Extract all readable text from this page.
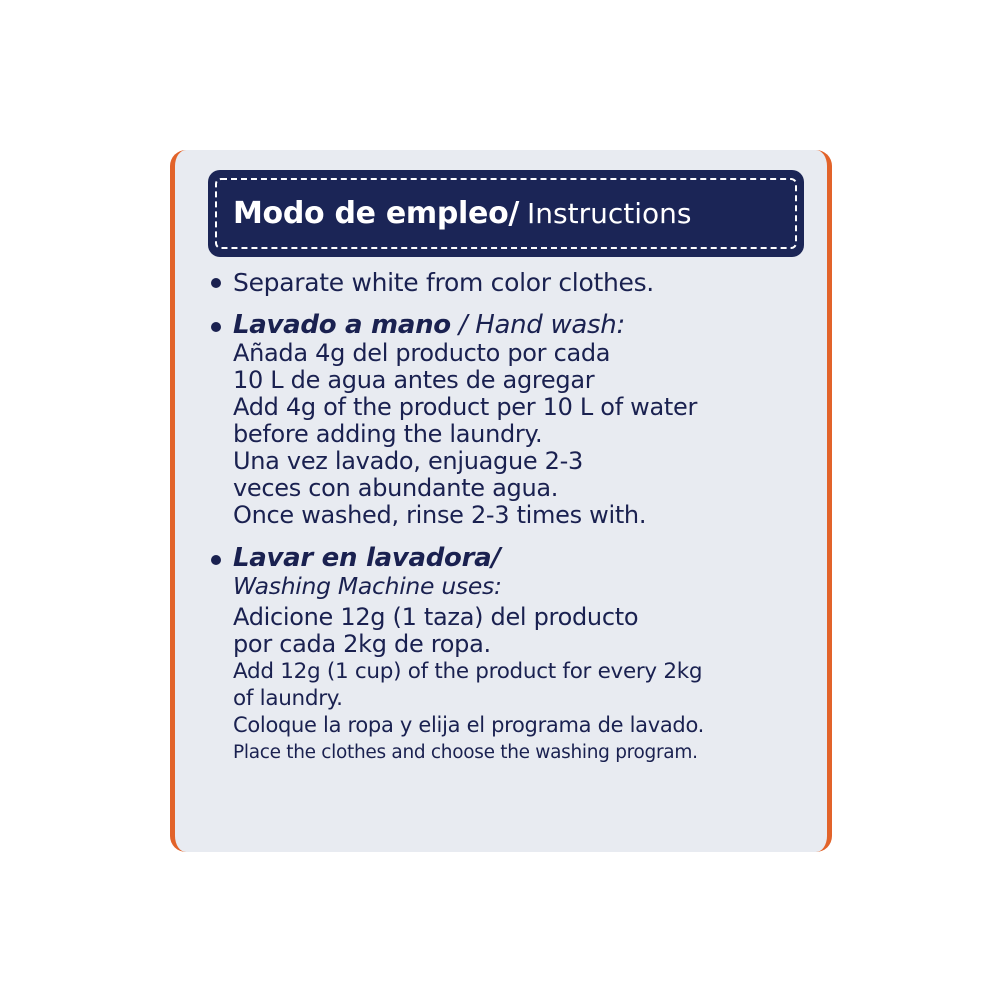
Modo de empleo/ Instructions
Separate white from color clothes.
Lavado a mano / Hand wash:
Añada 4g del producto por cada
10 L de agua antes de agregar
Add 4g of the product per 10 L of water
before adding the laundry.
Una vez lavado, enjuague 2-3
veces con abundante agua.
Once washed, rinse 2-3 times with.
Lavar en lavadora/
Washing Machine uses:
Adicione 12g (1 taza) del producto
por cada 2kg de ropa.
Add 12g (1 cup) of the product for every 2kg
of laundry.
Coloque la ropa y elija el programa de lavado.
Place the clothes and choose the washing program.
